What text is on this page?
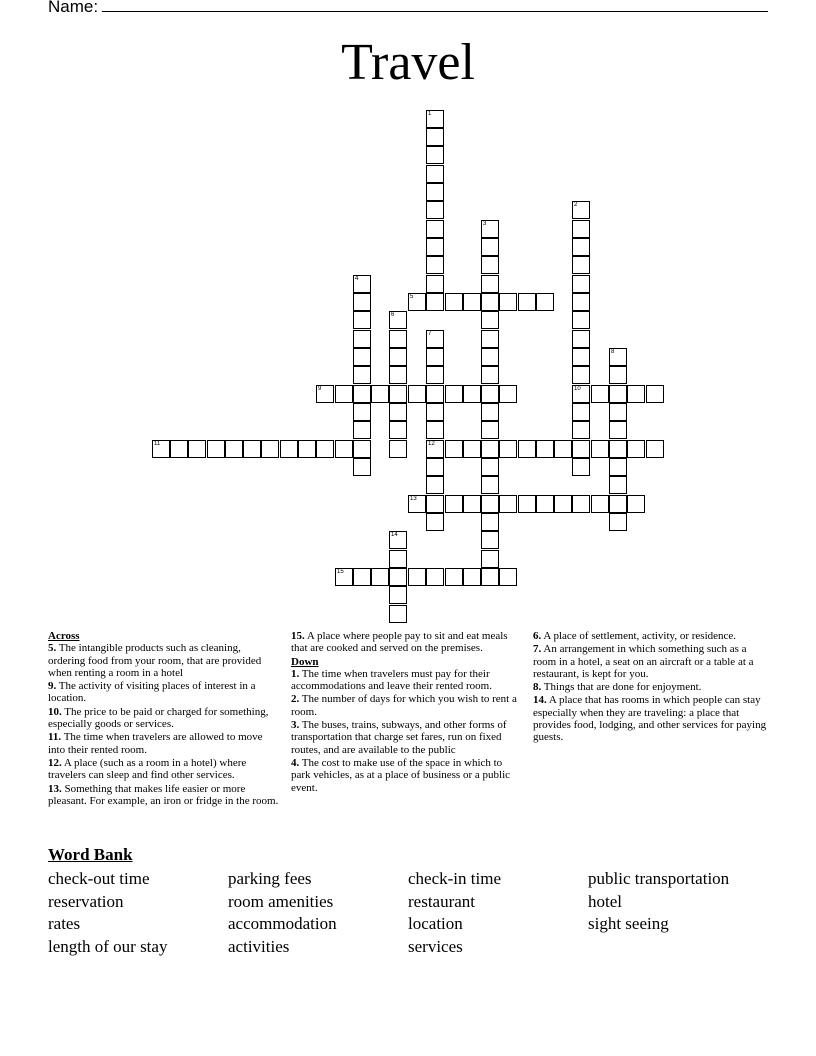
Name:
Travel
1
2
10
3
4
5
6
7
12
8
9
11
13
14
15
Across
5. The intangible products such as cleaning, ordering food from your room, that are provided when renting a room in a hotel
9. The activity of visiting places of interest in a location.
10. The price to be paid or charged for something, especially goods or services.
11. The time when travelers are allowed to move into their rented room.
12. A place (such as a room in a hotel) where travelers can sleep and find other services.
13. Something that makes life easier or more pleasant. For example, an iron or fridge in the room.
15. A place where people pay to sit and eat meals that are cooked and served on the premises.
Down
1. The time when travelers must pay for their accommodations and leave their rented room.
2. The number of days for which you wish to rent a room.
3. The buses, trains, subways, and other forms of transportation that charge set fares, run on fixed routes, and are available to the public
4. The cost to make use of the space in which to park vehicles, as at a place of business or a public event.
6. A place of settlement, activity, or residence.
7. An arrangement in which something such as a room in a hotel, a seat on an aircraft or a table at a restaurant, is kept for you.
8. Things that are done for enjoyment.
14. A place that has rooms in which people can stay especially when they are traveling: a place that provides food, lodging, and other services for paying guests.
Word Bank
check-out time	parking fees	check-in time	public transportation
reservation	room amenities	restaurant	hotel
rates	accommodation	location	sight seeing
length of our stay	activities	services
